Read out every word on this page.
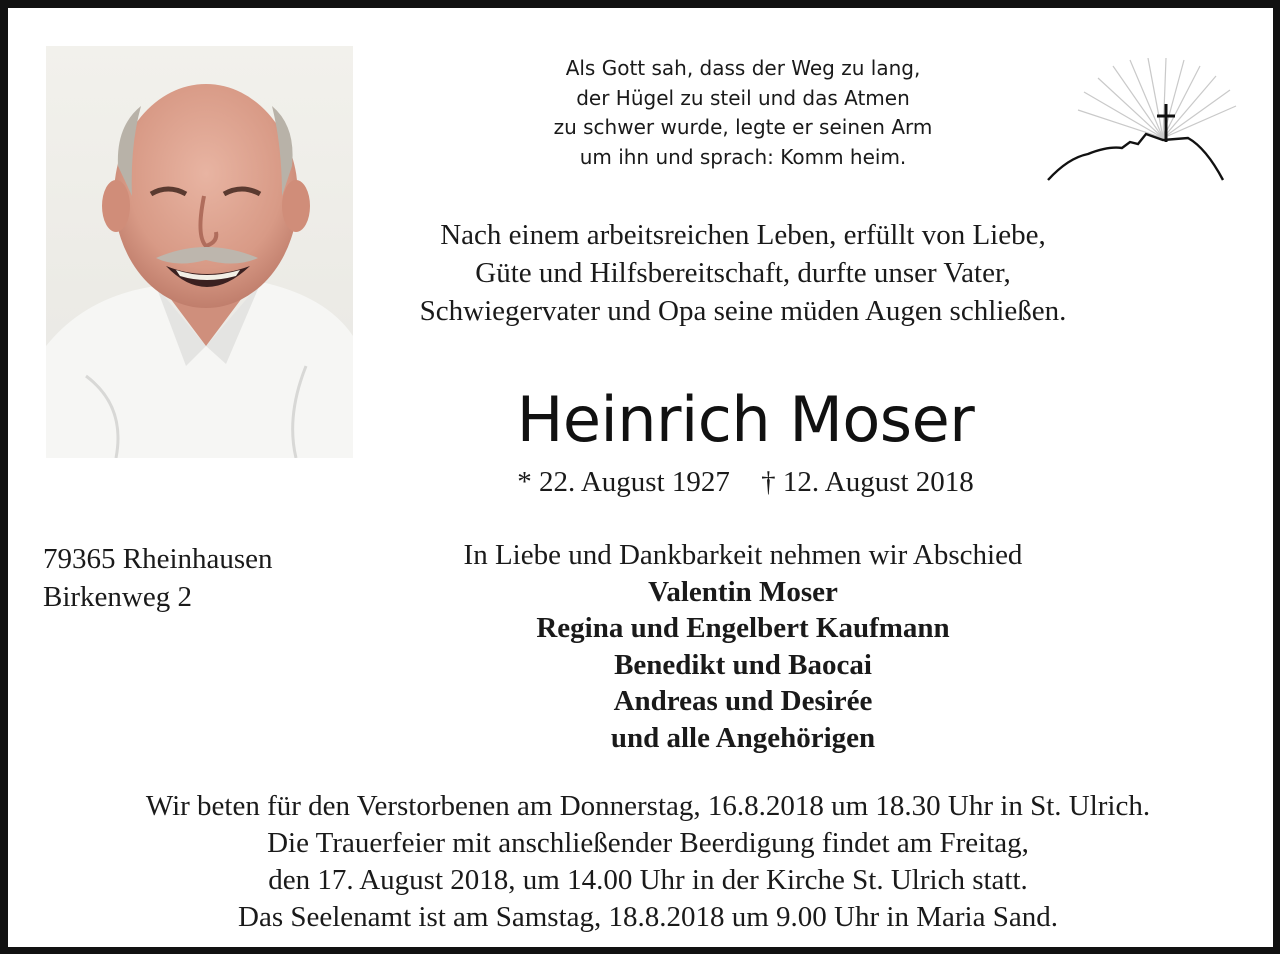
Als Gott sah, dass der Weg zu lang,
der Hügel zu steil und das Atmen
zu schwer wurde, legte er seinen Arm
um ihn und sprach: Komm heim.
Nach einem arbeitsreichen Leben, erfüllt von Liebe,
Güte und Hilfsbereitschaft, durfte unser Vater,
Schwiegervater und Opa seine müden Augen schließen.
Heinrich Moser
* 22. August 1927 † 12. August 2018
79365 Rheinhausen
Birkenweg 2
In Liebe und Dankbarkeit nehmen wir Abschied
Valentin Moser
Regina und Engelbert Kaufmann
Benedikt und Baocai
Andreas und Desirée
und alle Angehörigen
Wir beten für den Verstorbenen am Donnerstag, 16.8.2018 um 18.30 Uhr in St. Ulrich.
Die Trauerfeier mit anschließender Beerdigung findet am Freitag,
den 17. August 2018, um 14.00 Uhr in der Kirche St. Ulrich statt.
Das Seelenamt ist am Samstag, 18.8.2018 um 9.00 Uhr in Maria Sand.
